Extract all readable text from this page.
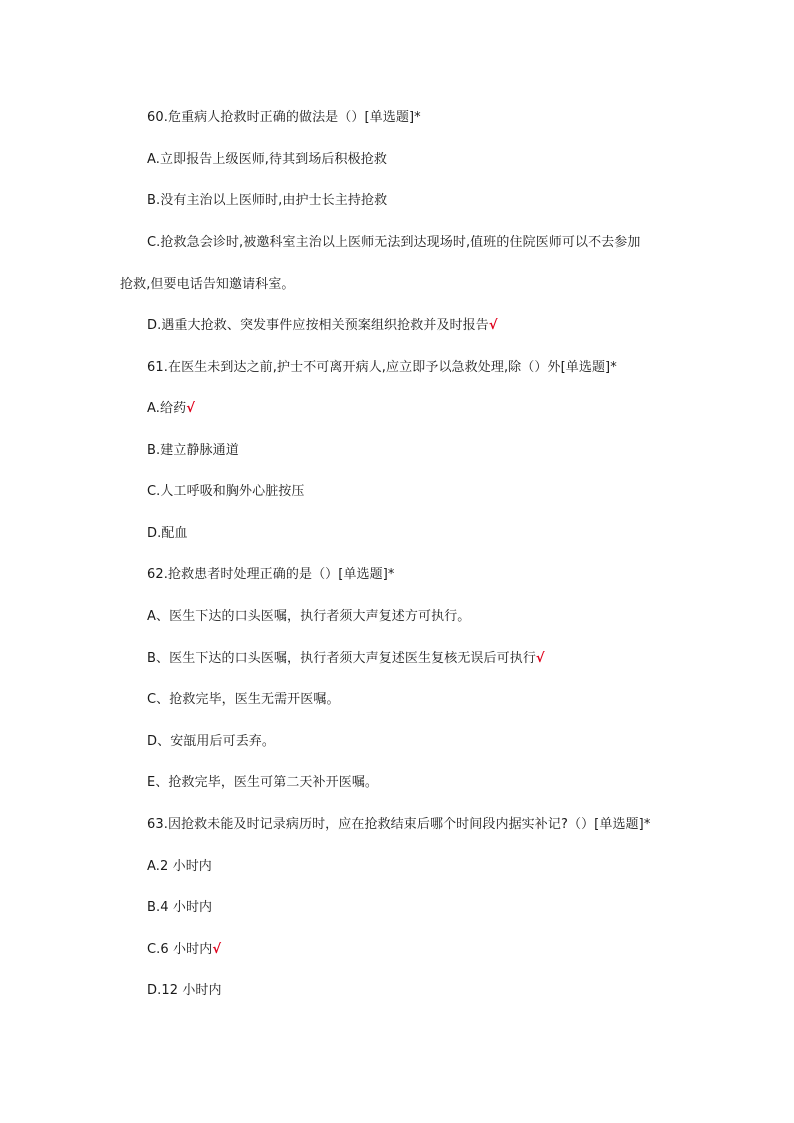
60.危重病人抢救时正确的做法是（）[单选题]*
A.立即报告上级医师,待其到场后积极抢救
B.没有主治以上医师时,由护士长主持抢救
C.抢救急会诊时,被邀科室主治以上医师无法到达现场时,值班的住院医师可以不去参加
抢救,但要电话告知邀请科室。
D.遇重大抢救、突发事件应按相关预案组织抢救并及时报告√
61.在医生未到达之前,护士不可离开病人,应立即予以急救处理,除（）外[单选题]*
A.给药√
B.建立静脉通道
C.人工呼吸和胸外心脏按压
D.配血
62.抢救患者时处理正确的是（）[单选题]*
A、医生下达的口头医嘱，执行者须大声复述方可执行。
B、医生下达的口头医嘱，执行者须大声复述医生复核无误后可执行√
C、抢救完毕，医生无需开医嘱。
D、安瓿用后可丢弃。
E、抢救完毕，医生可第二天补开医嘱。
63.因抢救未能及时记录病历时，应在抢救结束后哪个时间段内据实补记?（）[单选题]*
A.2 小时内
B.4 小时内
C.6 小时内√
D.12 小时内
